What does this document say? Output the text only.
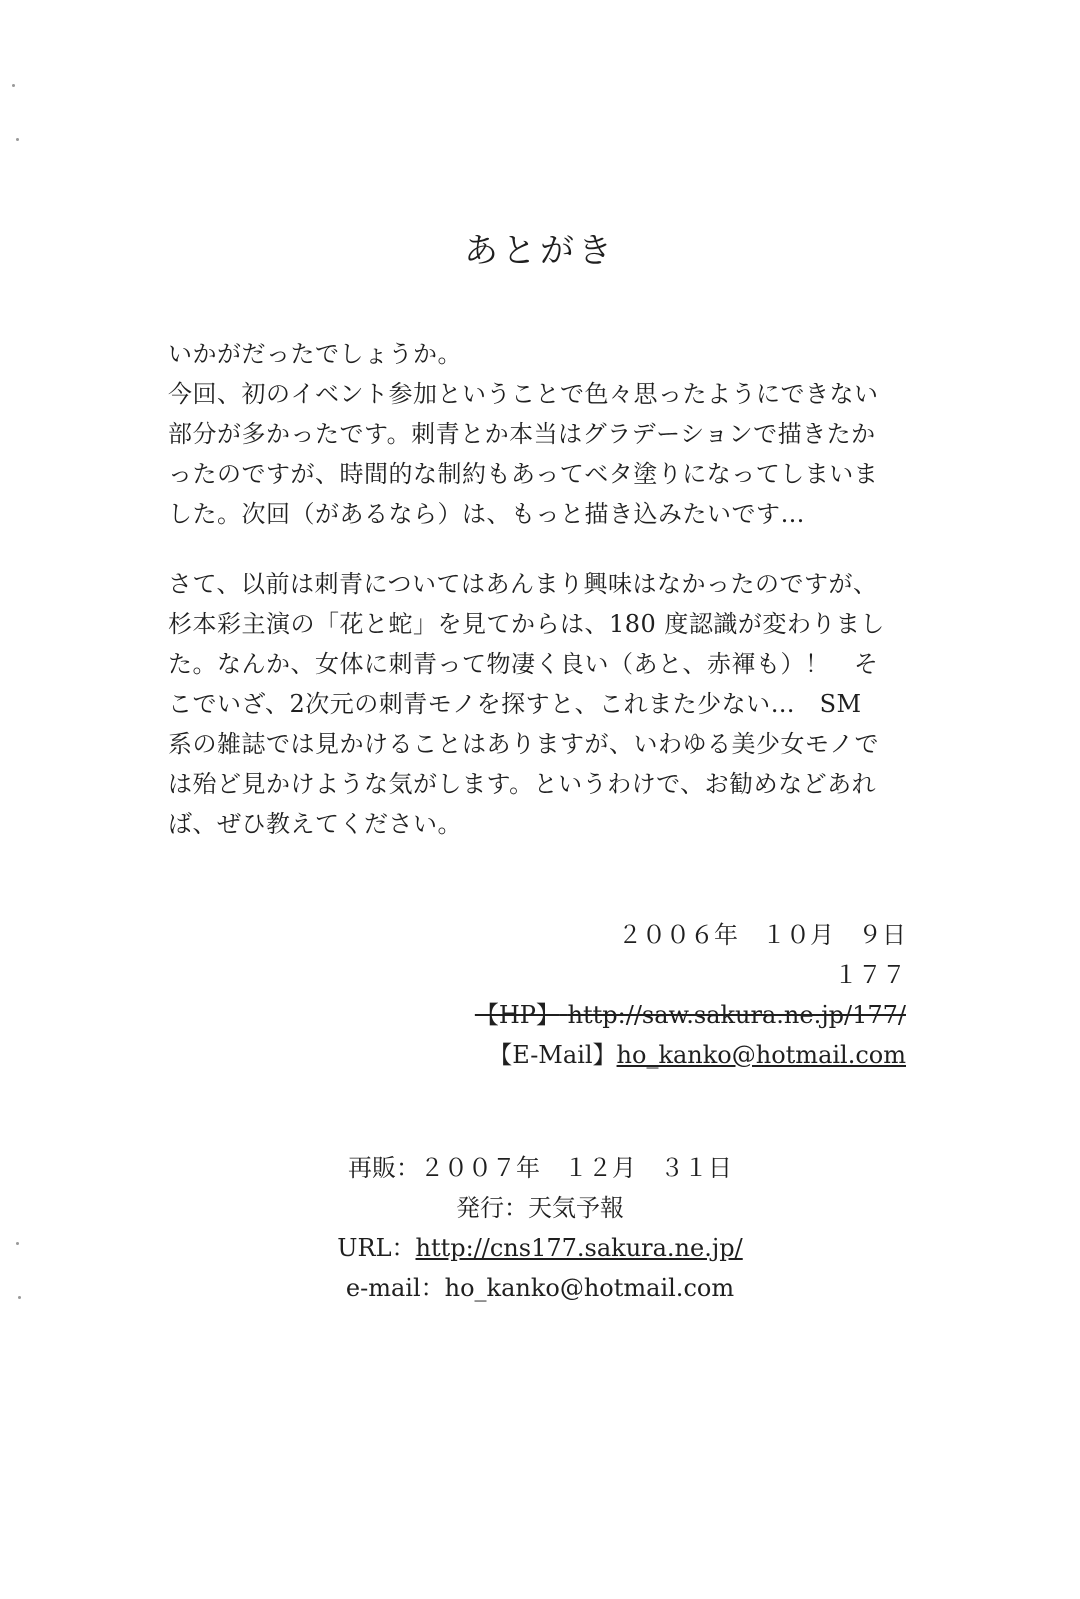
あとがき

いかがだったでしょうか。

今回、初のイベント参加ということで色々思ったようにできない

部分が多かったです。刺青とか本当はグラデーションで描きたか

ったのですが、時間的な制約もあってベタ塗りになってしまいま

した。次回（があるなら）は、もっと描き込みたいです…

さて、以前は刺青についてはあんまり興味はなかったのですが、

杉本彩主演の「花と蛇」を見てからは、180 度認識が変わりまし

た。なんか、女体に刺青って物凄く良い（あと、赤褌も）！　そ

こでいざ、2次元の刺青モノを探すと、これまた少ない…　SM

系の雑誌では見かけることはありますが、いわゆる美少女モノで

は殆ど見かけような気がします。というわけで、お勧めなどあれ

ば、ぜひ教えてください。

２００６年　１０月　９日

１７７

【HP】 http://saw.sakura.ne.jp/177/

【E-Mail】ho_kanko@hotmail.com

再販：２００７年　１２月　３１日

発行：天気予報

URL：http://cns177.sakura.ne.jp/

e-mail：ho_kanko@hotmail.com
